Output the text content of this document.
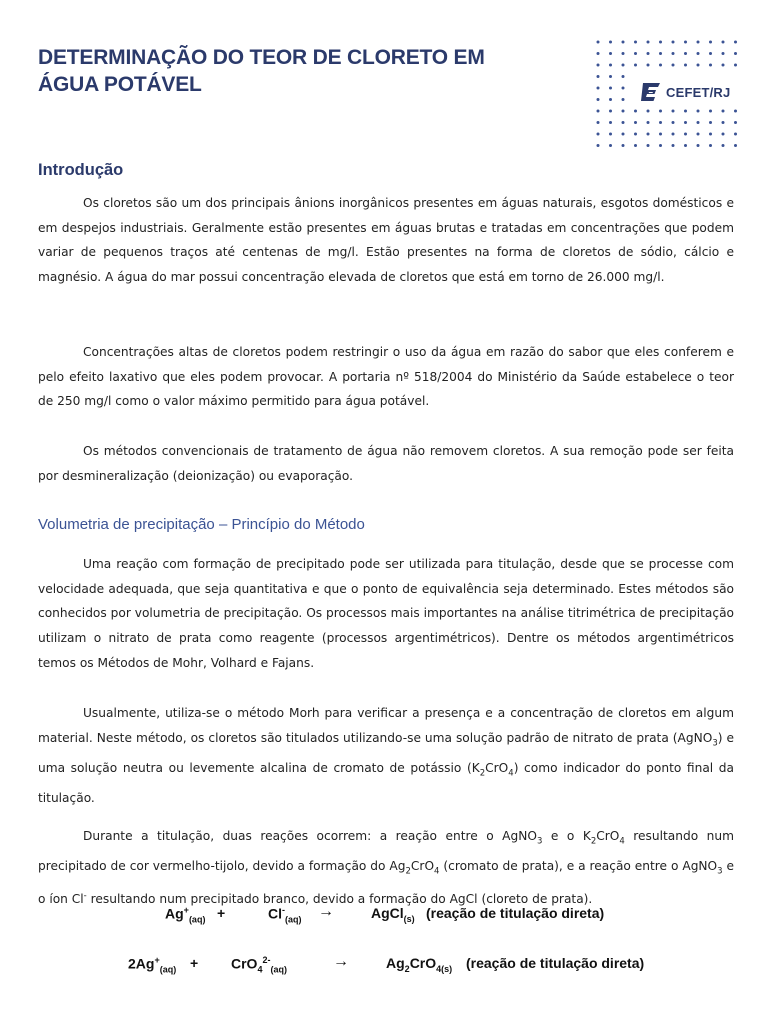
DETERMINAÇÃO DO TEOR DE CLORETO EM
ÁGUA POTÁVEL	CEFET/RJ
Introdução

Os cloretos são um dos principais ânions inorgânicos presentes em águas naturais, esgotos domésticos e em despejos industriais. Geralmente estão presentes em águas brutas e tratadas em concentrações que podem variar de pequenos traços até centenas de mg/l. Estão presentes na forma de cloretos de sódio, cálcio e magnésio. A água do mar possui concentração elevada de cloretos que está em torno de 26.000 mg/l.

Concentrações altas de cloretos podem restringir o uso da água em razão do sabor que eles conferem e pelo efeito laxativo que eles podem provocar. A portaria nº 518/2004 do Ministério da Saúde estabelece o teor de 250 mg/l como o valor máximo permitido para água potável.

Os métodos convencionais de tratamento de água não removem cloretos. A sua remoção pode ser feita por desmineralização (deionização) ou evaporação.

Volumetria de precipitação – Princípio do Método

Uma reação com formação de precipitado pode ser utilizada para titulação, desde que se processe com velocidade adequada, que seja quantitativa e que o ponto de equivalência seja determinado. Estes métodos são conhecidos por volumetria de precipitação. Os processos mais importantes na análise titrimétrica de precipitação utilizam o nitrato de prata como reagente (processos argentimétricos). Dentre os métodos argentimétricos temos os Métodos de Mohr, Volhard e Fajans.

Usualmente, utiliza-se o método Morh para verificar a presença e a concentração de cloretos em algum material. Neste método, os cloretos são titulados utilizando-se uma solução padrão de nitrato de prata (AgNO$_3$) e uma solução neutra ou levemente alcalina de cromato de potássio $(K_2CrO_4)$ como indicador do ponto final da titulação.

Durante a titulação, duas reações ocorrem: a reação entre o AgNO$_3$ e o $K_2CrO_4$ resultando num precipitado de cor vermelho-tijolo, devido a formação do $Ag_2CrO_4$ (cromato de prata), e a reação entre o AgNO$_3$ e o íon Cl- resultando num precipitado branco, devido a formação do AgCl (cloreto de prata).

$Ag^+_{(aq)}$ +	$Cl^-_{(aq)}$ →	AgCl$_{(s)}$ (reação de titulação direta)
$2Ag^+_{(aq)} + CrO_4^{2-}_{(aq)}$	→	$Ag_2CrO_{4(s)}$ (reação de titulação direta)
